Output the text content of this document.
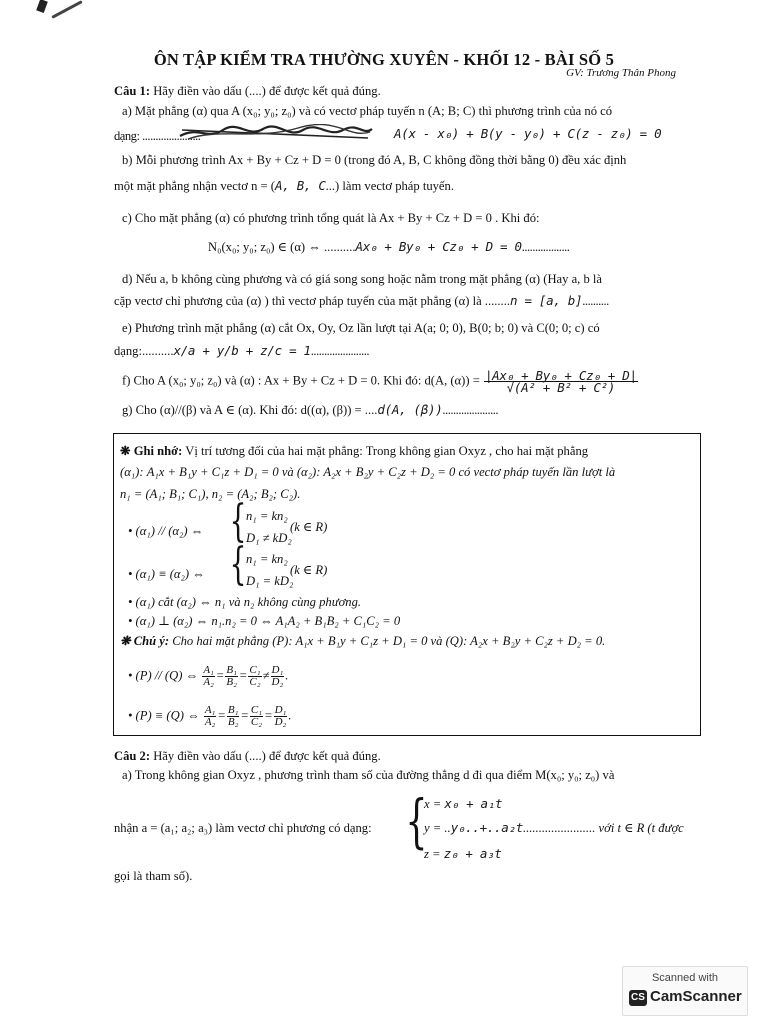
ÔN TẬP KIỂM TRA THƯỜNG XUYÊN - KHỐI 12 - BÀI SỐ 5
GV: Trương Thân Phong
Câu 1: Hãy điền vào dấu (....) để được kết quả đúng.
a) Mặt phẳng (α) qua A (x₀; y₀; z₀) và có vectơ pháp tuyến n (A; B; C) thì phương trình của nó có
dạng: ......................	A(x - x₀) + B(y - y₀) + C(z - z₀) = 0
b) Mỗi phương trình Ax + By + Cz + D = 0 (trong đó A, B, C không đồng thời bằng 0) đều xác định
một mặt phẳng nhận vectơ n = (A, B, C...) làm vectơ pháp tuyến.
c) Cho mặt phẳng (α) có phương trình tổng quát là Ax + By + Cz + D = 0 . Khi đó:
N₀(x₀; y₀; z₀) ∈ (α) ⇔ ..........Ax₀ + By₀ + Cz₀ + D = 0..................
d) Nếu a, b không cùng phương và có giá song song hoặc nằm trong mặt phẳng (α) (Hay a, b là
cặp vectơ chỉ phương của (α) ) thì vectơ pháp tuyến của mặt phẳng (α) là ........n = [a, b]..........
e) Phương trình mặt phẳng (α) cắt Ox, Oy, Oz lần lượt tại A(a; 0; 0), B(0; b; 0) và C(0; 0; c) có
dạng:..........x/a + y/b + z/c = 1......................
f) Cho A (x₀; y₀; z₀) và (α) : Ax + By + Cz + D = 0. Khi đó: d(A, $(\alpha)) = \frac{\text{|Ax₀ + By₀ + Cz₀ + D|}}{\text{√(A² + B² + C²)}}$
g) Cho (α)//(β) và A ∈ (α). Khi đó: d((α), (β)) = ....d(A, (β)).....................
❋ Ghi nhớ: Vị trí tương đối của hai mặt phẳng: Trong không gian Oxyz , cho hai mặt phẳng
(α₁): A₁x + B₁y + C₁z + D₁ = 0 và (α₂): A₂x + B₂y + C₂z + D₂ = 0 có vectơ pháp tuyến lần lượt là
n₁ = (A₁; B₁; C₁), n₂ = (A₂; B₂; C₂).
• (α₁) // (α₂) ⇔ { n₁ = kn₂
D₁ ≠ kD₂
(k ∈ R)
• (α₁) ≡ (α₂) ⇔ { n₁ = kn₂
D₁ = kD₂
(k ∈ R)
• (α₁) cắt (α₂) ⇔ n₁ và n₂ không cùng phương.
• (α₁) ⊥ (α₂) ⇔ n₁.n₂ = 0 ⇔ A₁A₂ + B₁B₂ + C₁C₂ = 0
❋ Chú ý: Cho hai mặt phẳng (P): A₁x + B₁y + C₁z + D₁ = 0 và (Q): A₂x + B₂y + C₂z + D₂ = 0.
• (P) // (Q) ⇔ $\frac{\text{A₁}}{\text{A₂}} = \frac{\text{B₁}}{\text{B₂}} = \frac{\text{C₁}}{\text{C₂}} \ne \frac{\text{D₁}}{\text{D₂}}$ .
• (P) ≡ (Q) ⇔ $\frac{\text{A₁}}{\text{A₂}} = \frac{\text{B₁}}{\text{B₂}} = \frac{\text{C₁}}{\text{C₂}} = \frac{\text{D₁}}{\text{D₂}}$ .
Câu 2: Hãy điền vào dấu (....) để được kết quả đúng.
a) Trong không gian Oxyz , phương trình tham số của đường thẳng d đi qua điểm M(x₀; y₀; z₀) và
nhận a = (a₁; a₂; a₃) làm vectơ chỉ phương có dạng: {
x = x₀ + a₁t
y = ..y₀..+..a₂t....................... với t ∈ R (t được
z = z₀ + a₃t
gọi là tham số).
Scanned with
CS CamScanner
